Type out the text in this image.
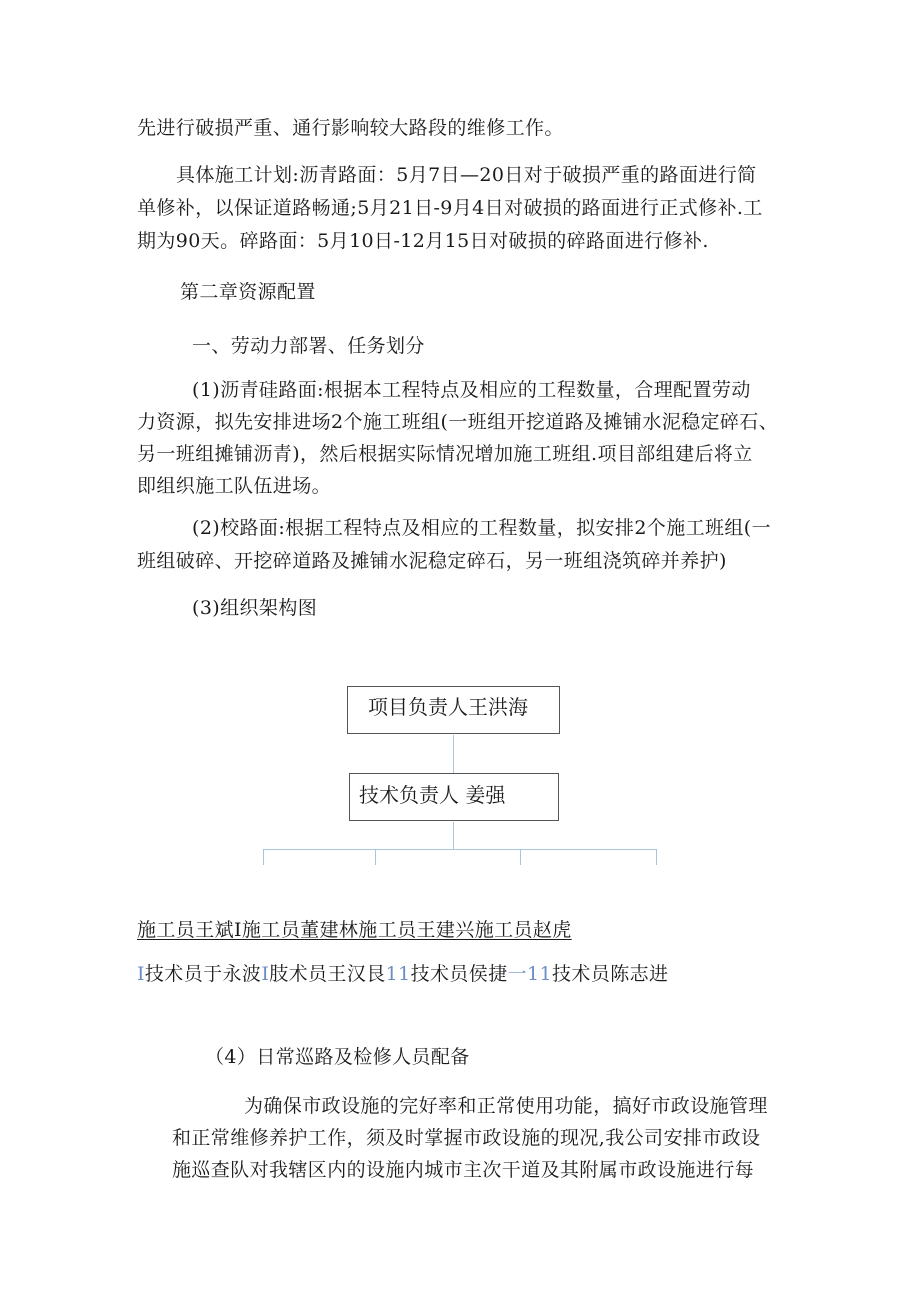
先进行破损严重、通行影响较大路段的维修工作。
具体施工计划:沥青路面：5月7日—20日对于破损严重的路面进行简
单修补，以保证道路畅通;5月21日-9月4日对破损的路面进行正式修补.工
期为90天。碎路面：5月10日-12月15日对破损的碎路面进行修补.
第二章资源配置
一、劳动力部署、任务划分
(1)沥青硅路面:根据本工程特点及相应的工程数量，合理配置劳动
力资源，拟先安排进场2个施工班组(一班组开挖道路及摊铺水泥稳定碎石、
另一班组摊铺沥青)，然后根据实际情况增加施工班组.项目部组建后将立
即组织施工队伍进场。
(2)校路面:根据工程特点及相应的工程数量，拟安排2个施工班组(一
班组破碎、开挖碎道路及摊铺水泥稳定碎石，另一班组浇筑碎并养护)
(3)组织架构图
项目负责人王洪海
技术负责人 姜强
施工员王斌I施工员董建林施工员王建兴施工员赵虎
I技术员于永波I肢术员王汉艮11技术员侯捷一11技术员陈志进
（4）日常巡路及检修人员配备
为确保市政设施的完好率和正常使用功能，搞好市政设施管理
和正常维修养护工作，须及时掌握市政设施的现况,我公司安排市政设
施巡查队对我辖区内的设施内城市主次干道及其附属市政设施进行每
